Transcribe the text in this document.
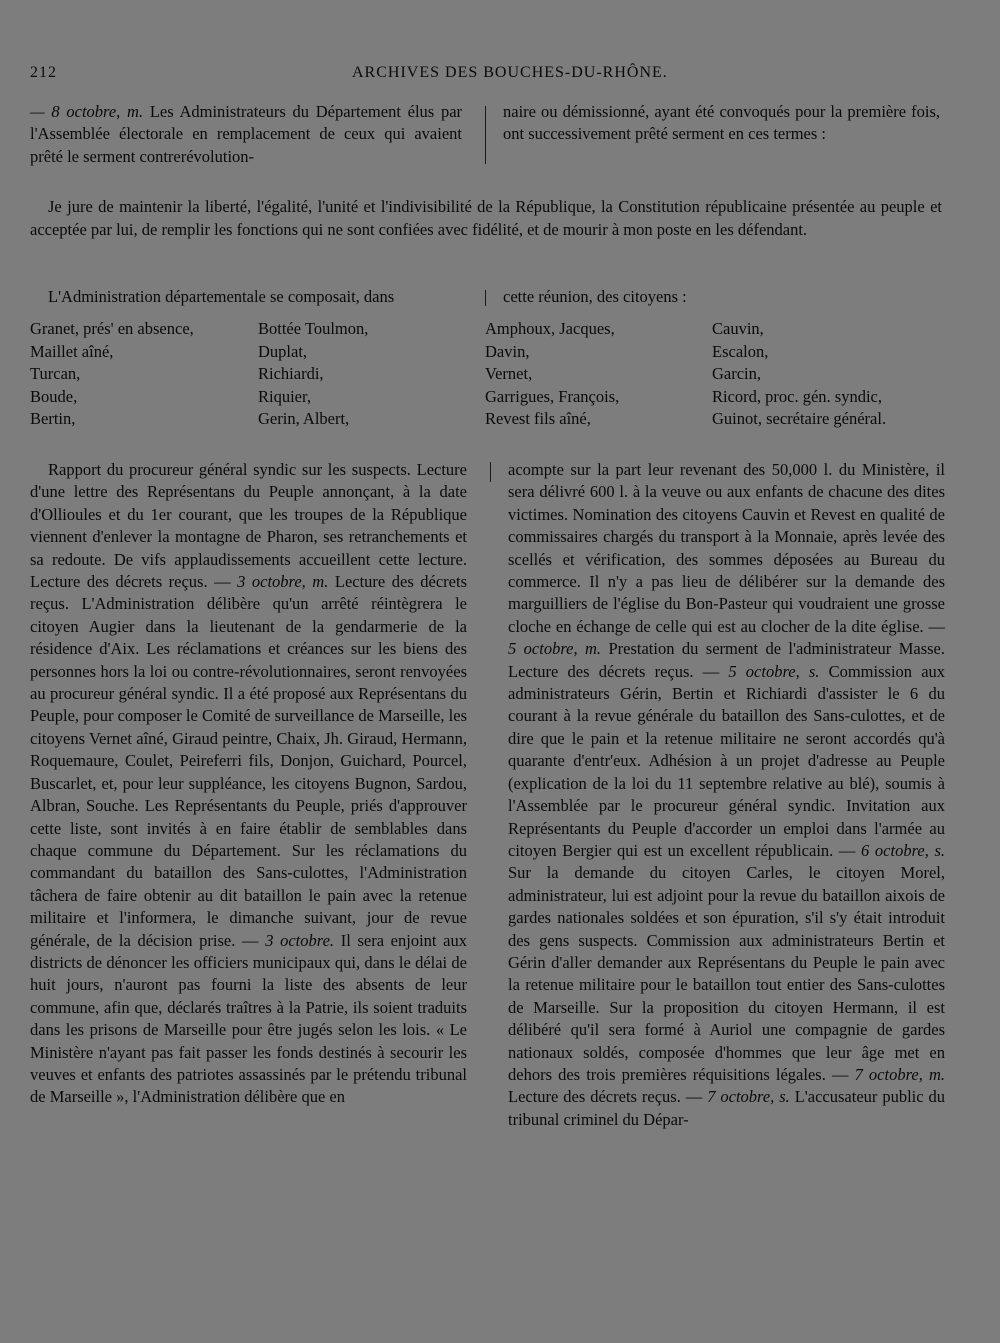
212	ARCHIVES DES BOUCHES-DU-RHÔNE.

— 8 octobre, m. Les Administrateurs du Département élus par l'Assemblée électorale en remplacement de ceux qui avaient prêté le serment contrerévolution-

naire ou démissionné, ayant été convoqués pour la première fois, ont successivement prêté serment en ces termes :

Je jure de maintenir la liberté, l'égalité, l'unité et l'indivisibilité de la République, la Constitution républicaine présentée au peuple et acceptée par lui, de remplir les fonctions qui ne sont confiées avec fidélité, et de mourir à mon poste en les défendant.

L'Administration départementale se composait, dans	cette réunion, des citoyens :
Granet, prés' en absence,
Maillet aîné,
Turcan,
Boude,
Bertin,
Bottée Toulmon,
Duplat,
Richiardi,
Riquier,
Gerin, Albert,
Amphoux, Jacques,
Davin,
Vernet,
Garrigues, François,
Revest fils aîné,
Cauvin,
Escalon,
Garcin,
Ricord, proc. gén. syndic,
Guinot, secrétaire général.

Rapport du procureur général syndic sur les suspects. Lecture d'une lettre des Représentans du Peuple annonçant, à la date d'Ollioules et du 1er courant, que les troupes de la République viennent d'enlever la montagne de Pharon, ses retranchements et sa redoute. De vifs applaudissements accueillent cette lecture. Lecture des décrets reçus. — 3 octobre, m. Lecture des décrets reçus. L'Administration délibère qu'un arrêté réintègrera le citoyen Augier dans la lieutenant de la gendarmerie de la résidence d'Aix. Les réclamations et créances sur les biens des personnes hors la loi ou contre-révolutionnaires, seront renvoyées au procureur général syndic. Il a été proposé aux Représentans du Peuple, pour composer le Comité de surveillance de Marseille, les citoyens Vernet aîné, Giraud peintre, Chaix, Jh. Giraud, Hermann, Roquemaure, Coulet, Peireferri fils, Donjon, Guichard, Pourcel, Buscarlet, et, pour leur suppléance, les citoyens Bugnon, Sardou, Albran, Souche. Les Représentants du Peuple, priés d'approuver cette liste, sont invités à en faire établir de semblables dans chaque commune du Département. Sur les réclamations du commandant du bataillon des Sans-culottes, l'Administration tâchera de faire obtenir au dit bataillon le pain avec la retenue militaire et l'informera, le dimanche suivant, jour de revue générale, de la décision prise. — 3 octobre. Il sera enjoint aux districts de dénoncer les officiers municipaux qui, dans le délai de huit jours, n'auront pas fourni la liste des absents de leur commune, afin que, déclarés traîtres à la Patrie, ils soient traduits dans les prisons de Marseille pour être jugés selon les lois. « Le Ministère n'ayant pas fait passer les fonds destinés à secourir les veuves et enfants des patriotes assassinés par le prétendu tribunal de Marseille », l'Administration délibère que en

acompte sur la part leur revenant des 50,000 l. du Ministère, il sera délivré 600 l. à la veuve ou aux enfants de chacune des dites victimes. Nomination des citoyens Cauvin et Revest en qualité de commissaires chargés du transport à la Monnaie, après levée des scellés et vérification, des sommes déposées au Bureau du commerce. Il n'y a pas lieu de délibérer sur la demande des marguilliers de l'église du Bon-Pasteur qui voudraient une grosse cloche en échange de celle qui est au clocher de la dite église. — 5 octobre, m. Prestation du serment de l'administrateur Masse. Lecture des décrets reçus. — 5 octobre, s. Commission aux administrateurs Gérin, Bertin et Richiardi d'assister le 6 du courant à la revue générale du bataillon des Sans-culottes, et de dire que le pain et la retenue militaire ne seront accordés qu'à quarante d'entr'eux. Adhésion à un projet d'adresse au Peuple (explication de la loi du 11 septembre relative au blé), soumis à l'Assemblée par le procureur général syndic. Invitation aux Représentants du Peuple d'accorder un emploi dans l'armée au citoyen Bergier qui est un excellent républicain. — 6 octobre, s. Sur la demande du citoyen Carles, le citoyen Morel, administrateur, lui est adjoint pour la revue du bataillon aixois de gardes nationales soldées et son épuration, s'il s'y était introduit des gens suspects. Commission aux administrateurs Bertin et Gérin d'aller demander aux Représentans du Peuple le pain avec la retenue militaire pour le bataillon tout entier des Sans-culottes de Marseille. Sur la proposition du citoyen Hermann, il est délibéré qu'il sera formé à Auriol une compagnie de gardes nationaux soldés, composée d'hommes que leur âge met en dehors des trois premières réquisitions légales. — 7 octobre, m. Lecture des décrets reçus. — 7 octobre, s. L'accusateur public du tribunal criminel du Dépar-
